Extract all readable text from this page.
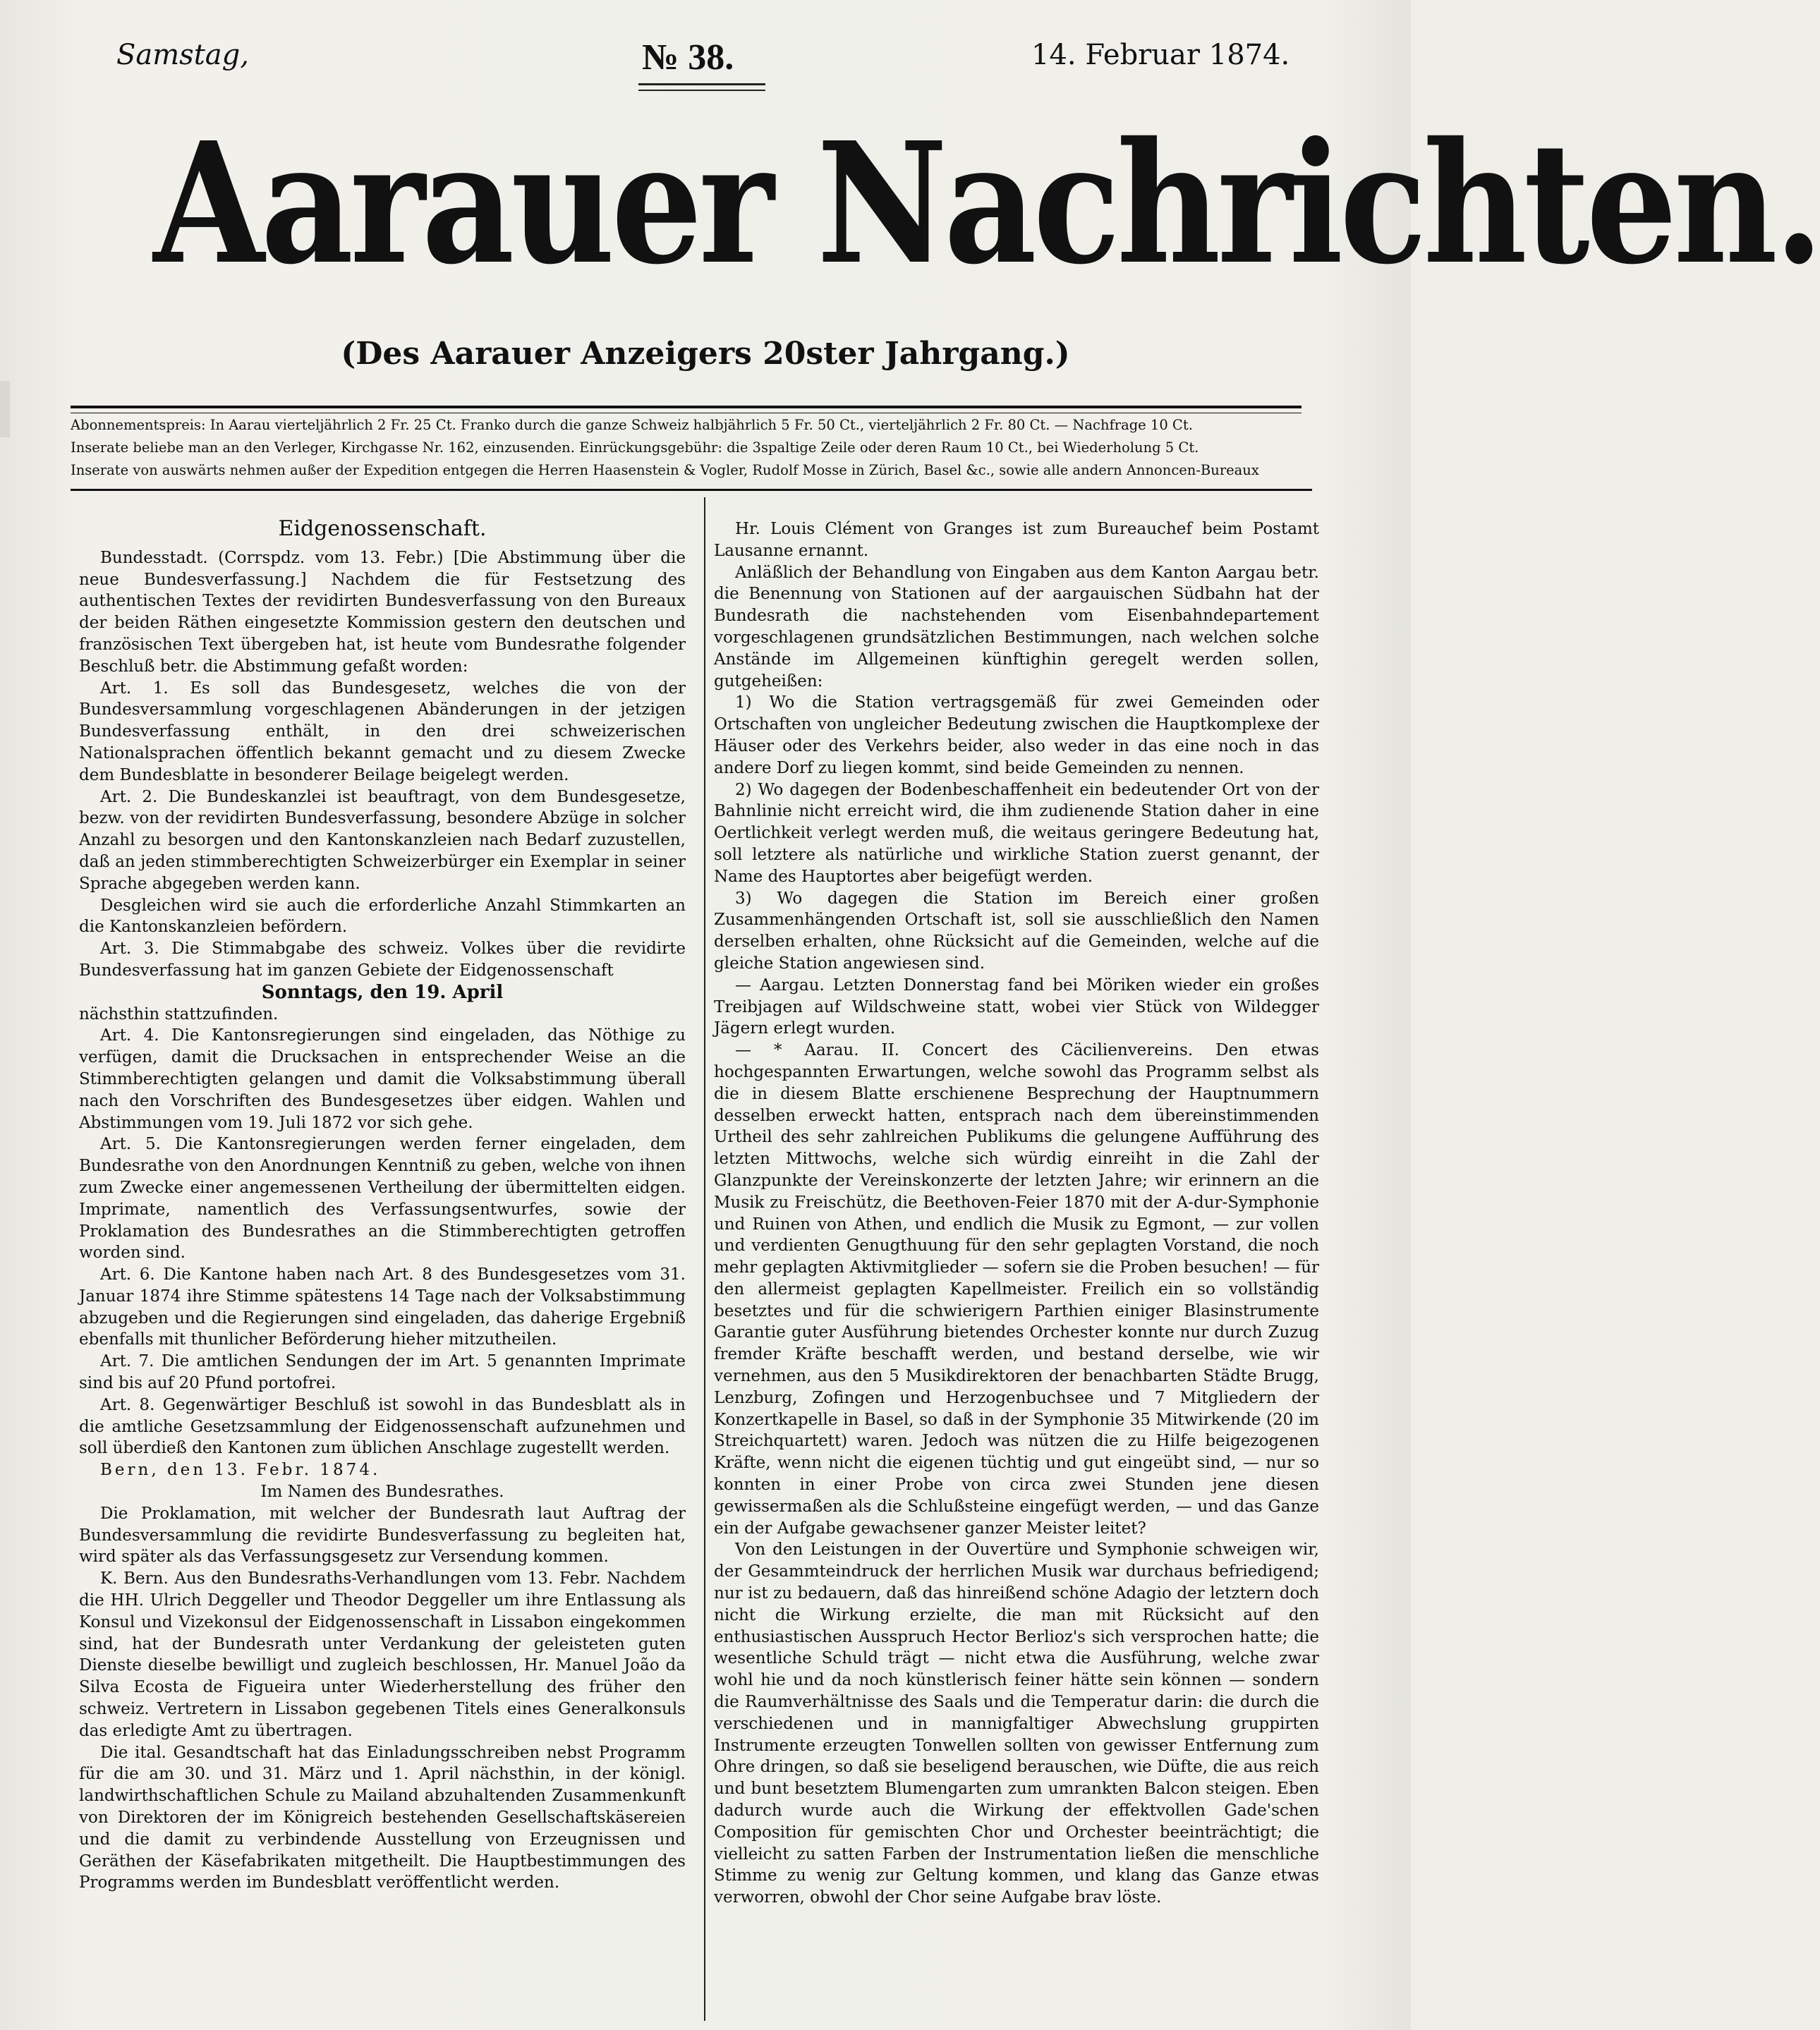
Samstag,	№ 38.	14. Februar 1874.
Aarauer Nachrichten.
(Des Aarauer Anzeigers 20ster Jahrgang.)
Abonnementspreis: In Aarau vierteljährlich 2 Fr. 25 Ct. Franko durch die ganze Schweiz halbjährlich 5 Fr. 50 Ct., vierteljährlich 2 Fr. 80 Ct. — Nachfrage 10 Ct.
Inserate beliebe man an den Verleger, Kirchgasse Nr. 162, einzusenden. Einrückungsgebühr: die 3spaltige Zeile oder deren Raum 10 Ct., bei Wiederholung 5 Ct.
Inserate von auswärts nehmen außer der Expedition entgegen die Herren Haasenstein & Vogler, Rudolf Mosse in Zürich, Basel &c., sowie alle andern Annoncen-Bureaux

Eidgenossenschaft.

Bundesstadt. (Corrspdz. vom 13. Febr.) [Die Abstimmung über die neue Bundesverfassung.] Nachdem die für Festsetzung des authentischen Textes der revidirten Bundesverfassung von den Bureaux der beiden Räthen eingesetzte Kommission gestern den deutschen und französischen Text übergeben hat, ist heute vom Bundesrathe folgender Beschluß betr. die Abstimmung gefaßt worden:

Art. 1. Es soll das Bundesgesetz, welches die von der Bundesversammlung vorgeschlagenen Abänderungen in der jetzigen Bundesverfassung enthält, in den drei schweizerischen Nationalsprachen öffentlich bekannt gemacht und zu diesem Zwecke dem Bundesblatte in besonderer Beilage beigelegt werden.

Art. 2. Die Bundeskanzlei ist beauftragt, von dem Bundesgesetze, bezw. von der revidirten Bundesverfassung, besondere Abzüge in solcher Anzahl zu besorgen und den Kantonskanzleien nach Bedarf zuzustellen, daß an jeden stimmberechtigten Schweizerbürger ein Exemplar in seiner Sprache abgegeben werden kann.

Desgleichen wird sie auch die erforderliche Anzahl Stimmkarten an die Kantonskanzleien befördern.

Art. 3. Die Stimmabgabe des schweiz. Volkes über die revidirte Bundesverfassung hat im ganzen Gebiete der Eidgenossenschaft

Sonntags, den 19. April

nächsthin stattzufinden.

Art. 4. Die Kantonsregierungen sind eingeladen, das Nöthige zu verfügen, damit die Drucksachen in entsprechender Weise an die Stimmberechtigten gelangen und damit die Volksabstimmung überall nach den Vorschriften des Bundesgesetzes über eidgen. Wahlen und Abstimmungen vom 19. Juli 1872 vor sich gehe.

Art. 5. Die Kantonsregierungen werden ferner eingeladen, dem Bundesrathe von den Anordnungen Kenntniß zu geben, welche von ihnen zum Zwecke einer angemessenen Vertheilung der übermittelten eidgen. Imprimate, namentlich des Verfassungsentwurfes, sowie der Proklamation des Bundesrathes an die Stimmberechtigten getroffen worden sind.

Art. 6. Die Kantone haben nach Art. 8 des Bundesgesetzes vom 31. Januar 1874 ihre Stimme spätestens 14 Tage nach der Volksabstimmung abzugeben und die Regierungen sind eingeladen, das daherige Ergebniß ebenfalls mit thunlicher Beförderung hieher mitzutheilen.

Art. 7. Die amtlichen Sendungen der im Art. 5 genannten Imprimate sind bis auf 20 Pfund portofrei.

Art. 8. Gegenwärtiger Beschluß ist sowohl in das Bundesblatt als in die amtliche Gesetzsammlung der Eidgenossenschaft aufzunehmen und soll überdieß den Kantonen zum üblichen Anschlage zugestellt werden.

Bern, den 13. Febr. 1874.

Im Namen des Bundesrathes.

Die Proklamation, mit welcher der Bundesrath laut Auftrag der Bundesversammlung die revidirte Bundesverfassung zu begleiten hat, wird später als das Verfassungsgesetz zur Versendung kommen.

K. Bern. Aus den Bundesraths-Verhandlungen vom 13. Febr. Nachdem die HH. Ulrich Deggeller und Theodor Deggeller um ihre Entlassung als Konsul und Vizekonsul der Eidgenossenschaft in Lissabon eingekommen sind, hat der Bundesrath unter Verdankung der geleisteten guten Dienste dieselbe bewilligt und zugleich beschlossen, Hr. Manuel João da Silva Ecosta de Figueira unter Wiederherstellung des früher den schweiz. Vertretern in Lissabon gegebenen Titels eines Generalkonsuls das erledigte Amt zu übertragen.

Die ital. Gesandtschaft hat das Einladungsschreiben nebst Programm für die am 30. und 31. März und 1. April nächsthin, in der königl. landwirthschaftlichen Schule zu Mailand abzuhaltenden Zusammenkunft von Direktoren der im Königreich bestehenden Gesellschaftskäsereien und die damit zu verbindende Ausstellung von Erzeugnissen und Geräthen der Käsefabrikaten mitgetheilt. Die Hauptbestimmungen des Programms werden im Bundesblatt veröffentlicht werden.

Hr. Louis Clément von Granges ist zum Bureauchef beim Postamt Lausanne ernannt.

Anläßlich der Behandlung von Eingaben aus dem Kanton Aargau betr. die Benennung von Stationen auf der aargauischen Südbahn hat der Bundesrath die nachstehenden vom Eisenbahndepartement vorgeschlagenen grundsätzlichen Bestimmungen, nach welchen solche Anstände im Allgemeinen künftighin geregelt werden sollen, gutgeheißen:

1) Wo die Station vertragsgemäß für zwei Gemeinden oder Ortschaften von ungleicher Bedeutung zwischen die Hauptkomplexe der Häuser oder des Verkehrs beider, also weder in das eine noch in das andere Dorf zu liegen kommt, sind beide Gemeinden zu nennen.

2) Wo dagegen der Bodenbeschaffenheit ein bedeutender Ort von der Bahnlinie nicht erreicht wird, die ihm zudienende Station daher in eine Oertlichkeit verlegt werden muß, die weitaus geringere Bedeutung hat, soll letztere als natürliche und wirkliche Station zuerst genannt, der Name des Hauptortes aber beigefügt werden.

3) Wo dagegen die Station im Bereich einer großen Zusammenhängenden Ortschaft ist, soll sie ausschließlich den Namen derselben erhalten, ohne Rücksicht auf die Gemeinden, welche auf die gleiche Station angewiesen sind.

— Aargau. Letzten Donnerstag fand bei Möriken wieder ein großes Treibjagen auf Wildschweine statt, wobei vier Stück von Wildegger Jägern erlegt wurden.

— * Aarau. II. Concert des Cäcilienvereins. Den etwas hochgespannten Erwartungen, welche sowohl das Programm selbst als die in diesem Blatte erschienene Besprechung der Hauptnummern desselben erweckt hatten, entsprach nach dem übereinstimmenden Urtheil des sehr zahlreichen Publikums die gelungene Aufführung des letzten Mittwochs, welche sich würdig einreiht in die Zahl der Glanzpunkte der Vereinskonzerte der letzten Jahre; wir erinnern an die Musik zu Freischütz, die Beethoven-Feier 1870 mit der A-dur-Symphonie und Ruinen von Athen, und endlich die Musik zu Egmont, — zur vollen und verdienten Genugthuung für den sehr geplagten Vorstand, die noch mehr geplagten Aktivmitglieder — sofern sie die Proben besuchen! — für den allermeist geplagten Kapellmeister. Freilich ein so vollständig besetztes und für die schwierigern Parthien einiger Blasinstrumente Garantie guter Ausführung bietendes Orchester konnte nur durch Zuzug fremder Kräfte beschafft werden, und bestand derselbe, wie wir vernehmen, aus den 5 Musikdirektoren der benachbarten Städte Brugg, Lenzburg, Zofingen und Herzogenbuchsee und 7 Mitgliedern der Konzertkapelle in Basel, so daß in der Symphonie 35 Mitwirkende (20 im Streichquartett) waren. Jedoch was nützen die zu Hilfe beigezogenen Kräfte, wenn nicht die eigenen tüchtig und gut eingeübt sind, — nur so konnten in einer Probe von circa zwei Stunden jene diesen gewissermaßen als die Schlußsteine eingefügt werden, — und das Ganze ein der Aufgabe gewachsener ganzer Meister leitet?

Von den Leistungen in der Ouvertüre und Symphonie schweigen wir, der Gesammteindruck der herrlichen Musik war durchaus befriedigend; nur ist zu bedauern, daß das hinreißend schöne Adagio der letztern doch nicht die Wirkung erzielte, die man mit Rücksicht auf den enthusiastischen Ausspruch Hector Berlioz's sich versprochen hatte; die wesentliche Schuld trägt — nicht etwa die Ausführung, welche zwar wohl hie und da noch künstlerisch feiner hätte sein können — sondern die Raumverhältnisse des Saals und die Temperatur darin: die durch die verschiedenen und in mannigfaltiger Abwechslung gruppirten Instrumente erzeugten Tonwellen sollten von gewisser Entfernung zum Ohre dringen, so daß sie beseligend berauschen, wie Düfte, die aus reich und bunt besetztem Blumengarten zum umrankten Balcon steigen. Eben dadurch wurde auch die Wirkung der effektvollen Gade'schen Composition für gemischten Chor und Orchester beeinträchtigt; die vielleicht zu satten Farben der Instrumentation ließen die menschliche Stimme zu wenig zur Geltung kommen, und klang das Ganze etwas verworren, obwohl der Chor seine Aufgabe brav löste.
